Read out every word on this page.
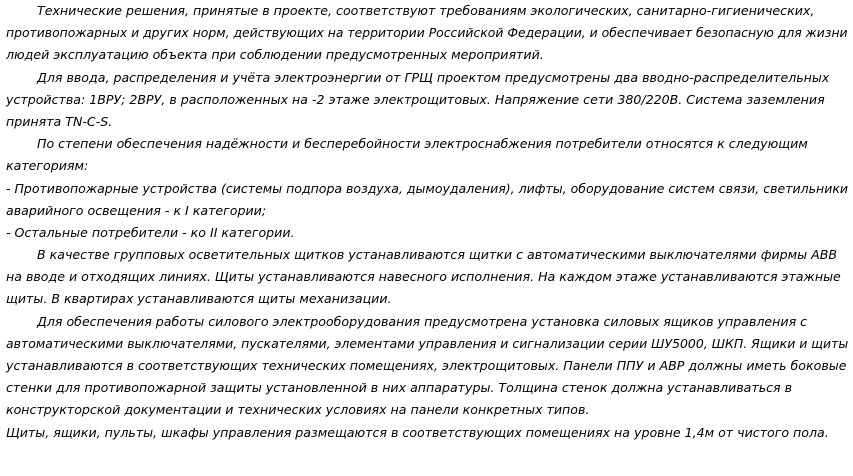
Технические решения, принятые в проекте, соответствуют требованиям экологических, санитарно-гигиенических,
противопожарных и других норм, действующих на территории Российской Федерации, и обеспечивает безопасную для жизни
людей эксплуатацию объекта при соблюдении предусмотренных мероприятий.
Для ввода, распределения и учёта электроэнергии от ГРЩ проектом предусмотрены два вводно-распределительных
устройства: 1ВРУ; 2ВРУ, в расположенных на -2 этаже электрощитовых. Напряжение сети 380/220В. Система заземления
принята TN-C-S.
По степени обеспечения надёжности и бесперебойности электроснабжения потребители относятся к следующим
категориям:
- Противопожарные устройства (системы подпора воздуха, дымоудаления), лифты, оборудование систем связи, светильники
аварийного освещения - к I категории;
- Остальные потребители - ко II категории.
В качестве групповых осветительных щитков устанавливаются щитки с автоматическими выключателями фирмы АВВ
на вводе и отходящих линиях. Щиты устанавливаются навесного исполнения. На каждом этаже устанавливаются этажные
щиты. В квартирах устанавливаются щиты механизации.
Для обеспечения работы силового электрооборудования предусмотрена установка силовых ящиков управления с
автоматическими выключателями, пускателями, элементами управления и сигнализации серии ШУ5000, ШКП. Ящики и щиты
устанавливаются в соответствующих технических помещениях, электрощитовых. Панели ППУ и АВР должны иметь боковые
стенки для противопожарной защиты установленной в них аппаратуры. Толщина стенок должна устанавливаться в
конструкторской документации и технических условиях на панели конкретных типов.
Щиты, ящики, пульты, шкафы управления размещаются в соответствующих помещениях на уровне 1,4м от чистого пола.
